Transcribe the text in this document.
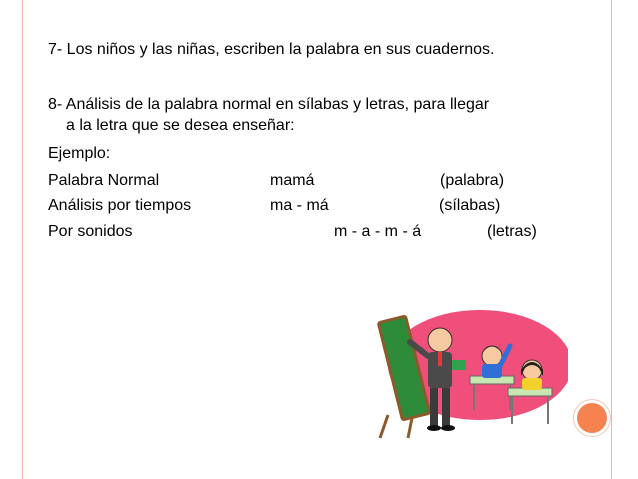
7- Los niños y las niñas, escriben la palabra en sus cuadernos.
8- Análisis de la palabra normal en sílabas y letras, para llegar
a la letra que se desea enseñar:
Ejemplo:
Palabra Normal	mamá	(palabra)
Análisis por tiempos	ma - má	(sílabas)
Por sonidos	m - a - m - á	(letras)
